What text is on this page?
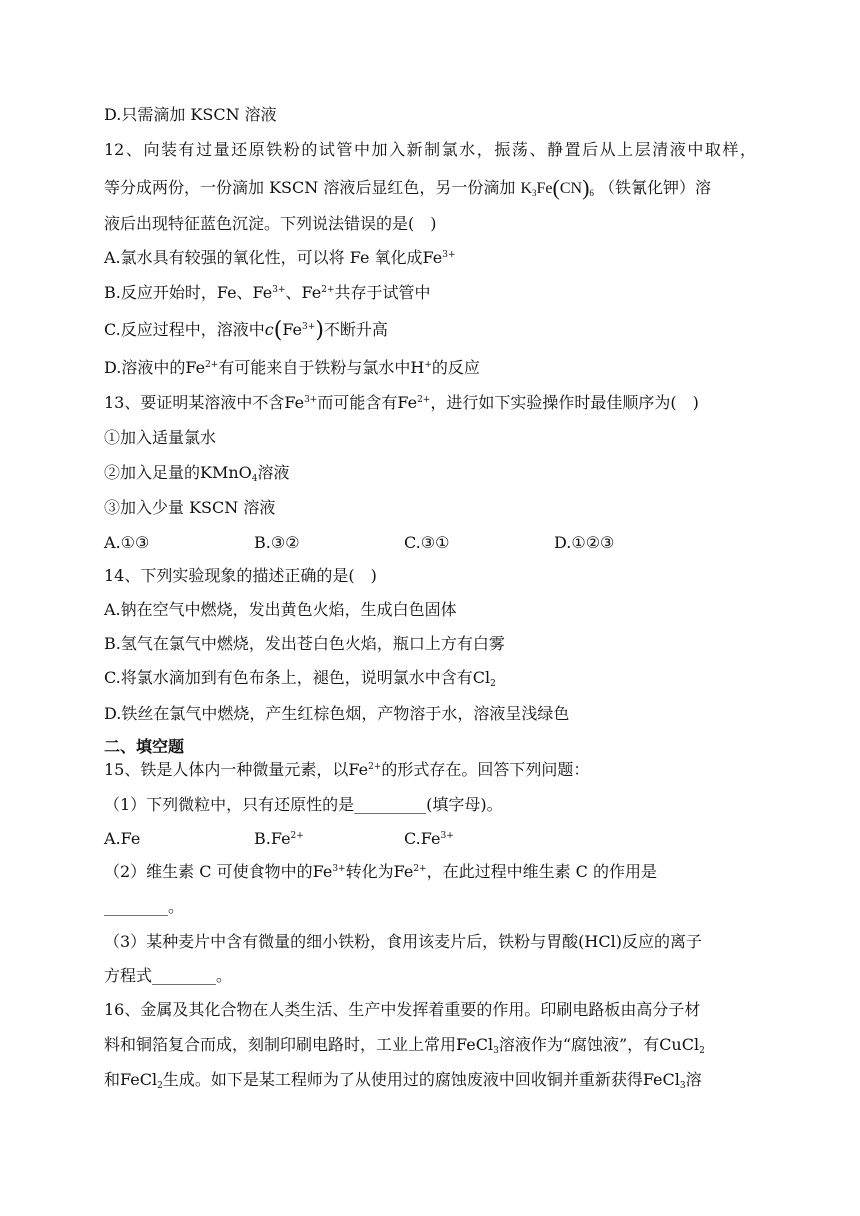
D.只需滴加 KSCN 溶液
12、向装有过量还原铁粉的试管中加入新制氯水，振荡、静置后从上层清液中取样，
等分成两份，一份滴加 KSCN 溶液后显红色，另一份滴加 $K_3Fe(CN)_6$ （铁氰化钾）溶
液后出现特征蓝色沉淀。下列说法错误的是(　)
A.氯水具有较强的氧化性，可以将 Fe 氧化成$Fe^{3+}$
B.反应开始时，Fe、$Fe^{3+}$、$Fe^{2+}$共存于试管中
C.反应过程中，溶液中$c(Fe^{3+})$不断升高
D.溶液中的$Fe^{2+}$有可能来自于铁粉与氯水中H+的反应
13、要证明某溶液中不含$Fe^{3+}$而可能含有$Fe^{2+}$，进行如下实验操作时最佳顺序为(　)
①加入适量氯水
②加入足量的KMnO$_4$溶液
③加入少量 KSCN 溶液
A.①③	B.③②	C.③①	D.①②③
14、下列实验现象的描述正确的是(　)
A.钠在空气中燃烧，发出黄色火焰，生成白色固体
B.氢气在氯气中燃烧，发出苍白色火焰，瓶口上方有白雾
C.将氯水滴加到有色布条上，褪色，说明氯水中含有$Cl_2$
D.铁丝在氯气中燃烧，产生红棕色烟，产物溶于水，溶液呈浅绿色
二、填空题
15、铁是人体内一种微量元素，以$Fe^{2+}$的形式存在。回答下列问题：
（1）下列微粒中，只有还原性的是_________(填字母)。
A.Fe	$B.Fe^{2+}$	$C.Fe^{3+}$
（2）维生素 C 可使食物中的$Fe^{3+}$转化为$Fe^{2+}$，在此过程中维生素 C 的作用是
________。
（3）某种麦片中含有微量的细小铁粉，食用该麦片后，铁粉与胃酸(HCl)反应的离子
方程式________。
16、金属及其化合物在人类生活、生产中发挥着重要的作用。印刷电路板由高分子材
料和铜箔复合而成，刻制印刷电路时，工业上常用FeCl$_3$溶液作为“腐蚀液”，有CuCl$_2$
和FeCl$_2$生成。如下是某工程师为了从使用过的腐蚀废液中回收铜并重新获得FeCl$_3$溶
